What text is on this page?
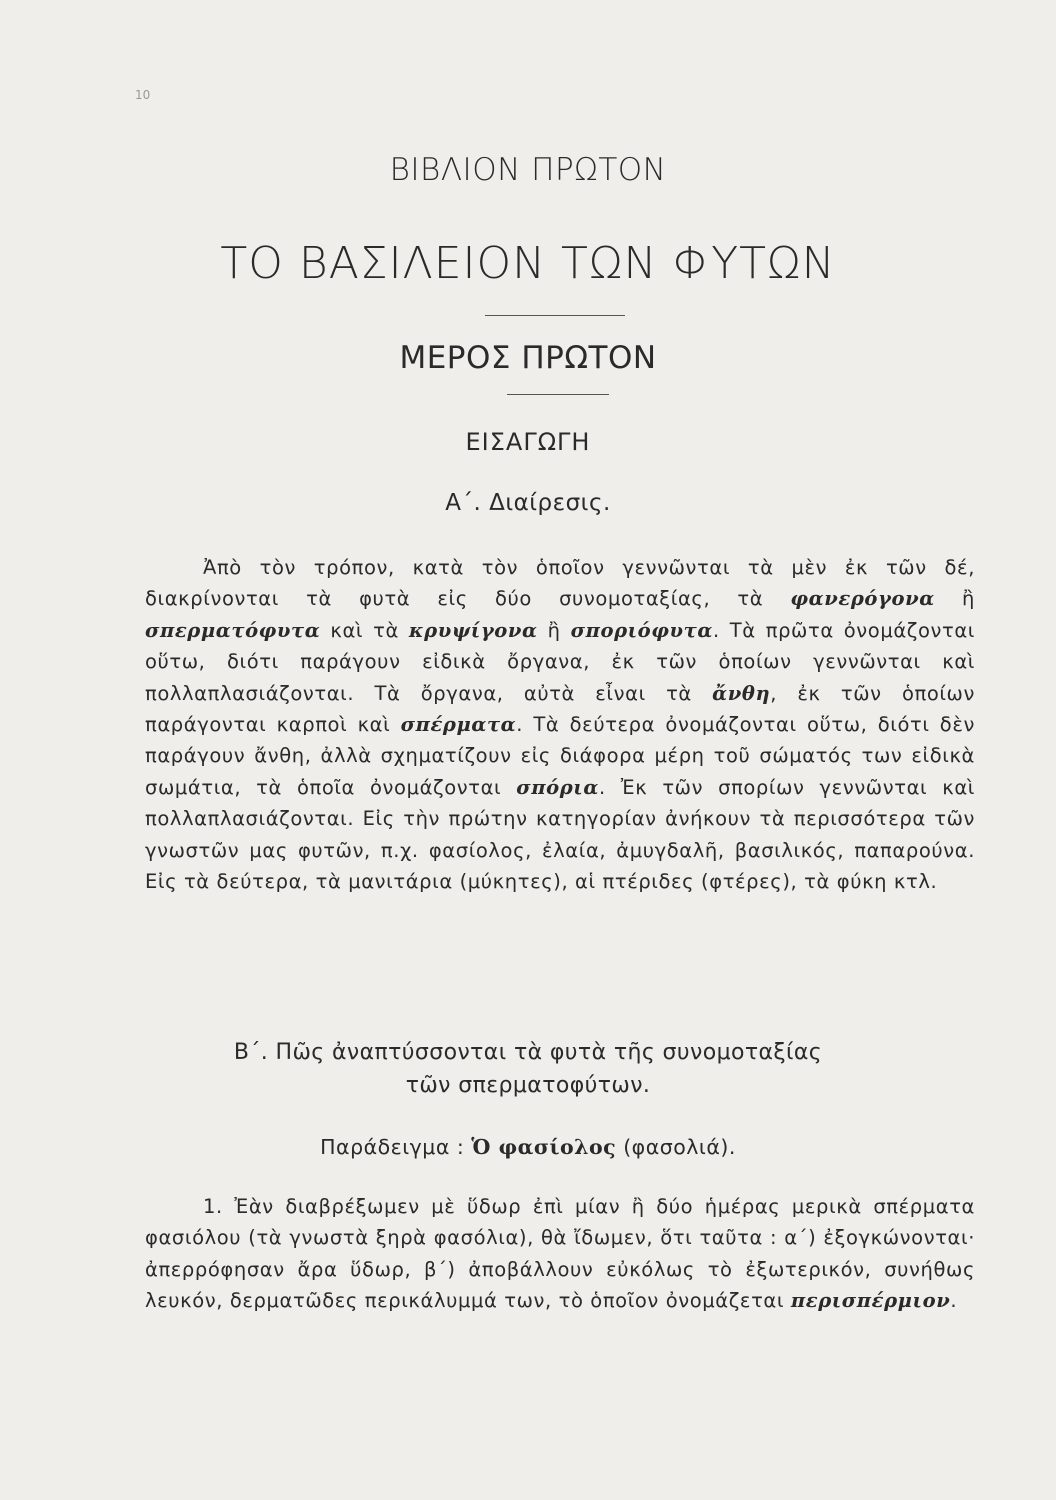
10
ΒΙΒΛΙΟΝ ΠΡΩΤΟΝ
ΤΟ ΒΑΣΙΛΕΙΟΝ ΤΩΝ ΦΥΤΩΝ
ΜΕΡΟΣ ΠΡΩΤΟΝ
ΕΙΣΑΓΩΓΗ
Α΄. Διαίρεσις.
Ἀπὸ τὸν τρόπον, κατὰ τὸν ὁποῖον γεννῶνται τὰ μὲν ἐκ τῶν δέ, διακρίνονται τὰ φυτὰ εἰς δύο συνομοταξίας, τὰ φανερόγονα ἢ σπερματόφυτα καὶ τὰ κρυψίγονα ἢ σποριόφυτα. Τὰ πρῶτα ὀνομάζονται οὕτω, διότι παράγουν εἰδικὰ ὄργανα, ἐκ τῶν ὁποίων γεννῶνται καὶ πολλαπλασιάζονται. Τὰ ὄργανα, αὐτὰ εἶναι τὰ ἄνθη, ἐκ τῶν ὁποίων παράγονται καρποὶ καὶ σπέρματα. Τὰ δεύτερα ὀνομάζονται οὕτω, διότι δὲν παράγουν ἄνθη, ἀλλὰ σχηματίζουν εἰς διάφορα μέρη τοῦ σώματός των εἰδικὰ σωμάτια, τὰ ὁποῖα ὀνομάζονται σπόρια. Ἐκ τῶν σπορίων γεννῶνται καὶ πολλαπλασιάζονται. Εἰς τὴν πρώτην κατηγορίαν ἀνήκουν τὰ περισσότερα τῶν γνωστῶν μας φυτῶν, π.χ. φασίολος, ἐλαία, ἀμυγδαλῆ, βασιλικός, παπαρούνα. Εἰς τὰ δεύτερα, τὰ μανιτάρια (μύκητες), αἱ πτέριδες (φτέρες), τὰ φύκη κτλ.
Β΄. Πῶς ἀναπτύσσονται τὰ φυτὰ τῆς συνομοταξίας
τῶν σπερματοφύτων.
Παράδειγμα : Ὁ φασίολος (φασολιά).
1. Ἐὰν διαβρέξωμεν μὲ ὕδωρ ἐπὶ μίαν ἢ δύο ἡμέρας μερικὰ σπέρματα φασιόλου (τὰ γνωστὰ ξηρὰ φασόλια), θὰ ἴδωμεν, ὅτι ταῦτα : α΄) ἐξογκώνονται· ἀπερρόφησαν ἄρα ὕδωρ, β΄) ἀποβάλλουν εὐκόλως τὸ ἐξωτερικόν, συνήθως λευκόν, δερματῶδες περικάλυμμά των, τὸ ὁποῖον ὀνομάζεται περισπέρμιον.
